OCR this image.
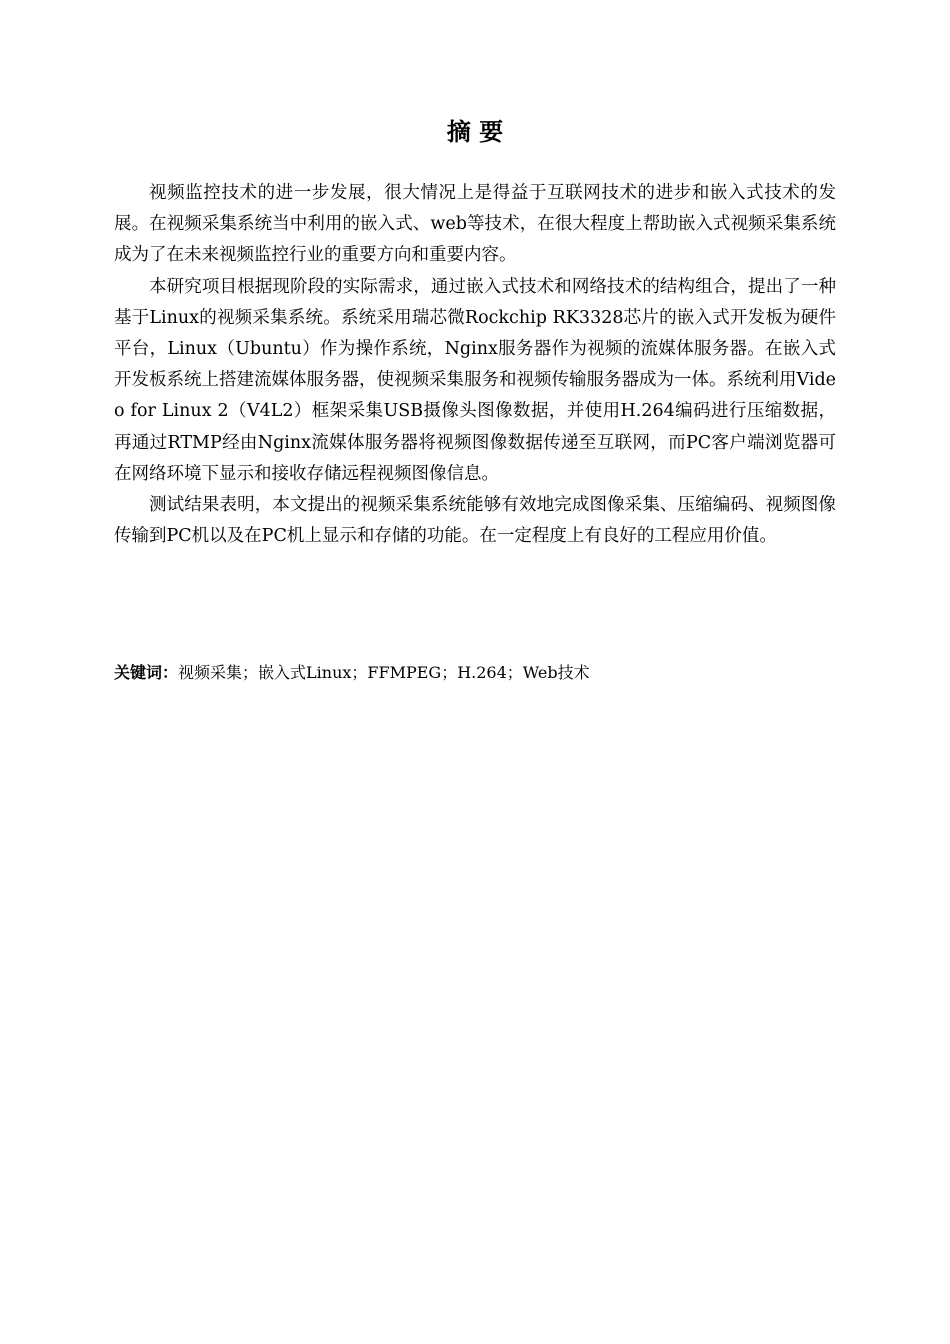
摘 要

视频监控技术的进一步发展，很大情况上是得益于互联网技术的进步和嵌入式技术的发展。在视频采集系统当中利用的嵌入式、web等技术，在很大程度上帮助嵌入式视频采集系统成为了在未来视频监控行业的重要方向和重要内容。

本研究项目根据现阶段的实际需求，通过嵌入式技术和网络技术的结构组合，提出了一种基于Linux的视频采集系统。系统采用瑞芯微Rockchip RK3328芯片的嵌入式开发板为硬件平台，Linux（Ubuntu）作为操作系统，Nginx服务器作为视频的流媒体服务器。在嵌入式开发板系统上搭建流媒体服务器，使视频采集服务和视频传输服务器成为一体。系统利用Video for Linux 2（V4L2）框架采集USB摄像头图像数据，并使用H.264编码进行压缩数据，再通过RTMP经由Nginx流媒体服务器将视频图像数据传递至互联网，而PC客户端浏览器可在网络环境下显示和接收存储远程视频图像信息。

测试结果表明，本文提出的视频采集系统能够有效地完成图像采集、压缩编码、视频图像传输到PC机以及在PC机上显示和存储的功能。在一定程度上有良好的工程应用价值。

关键词：视频采集；嵌入式Linux；FFMPEG；H.264；Web技术
